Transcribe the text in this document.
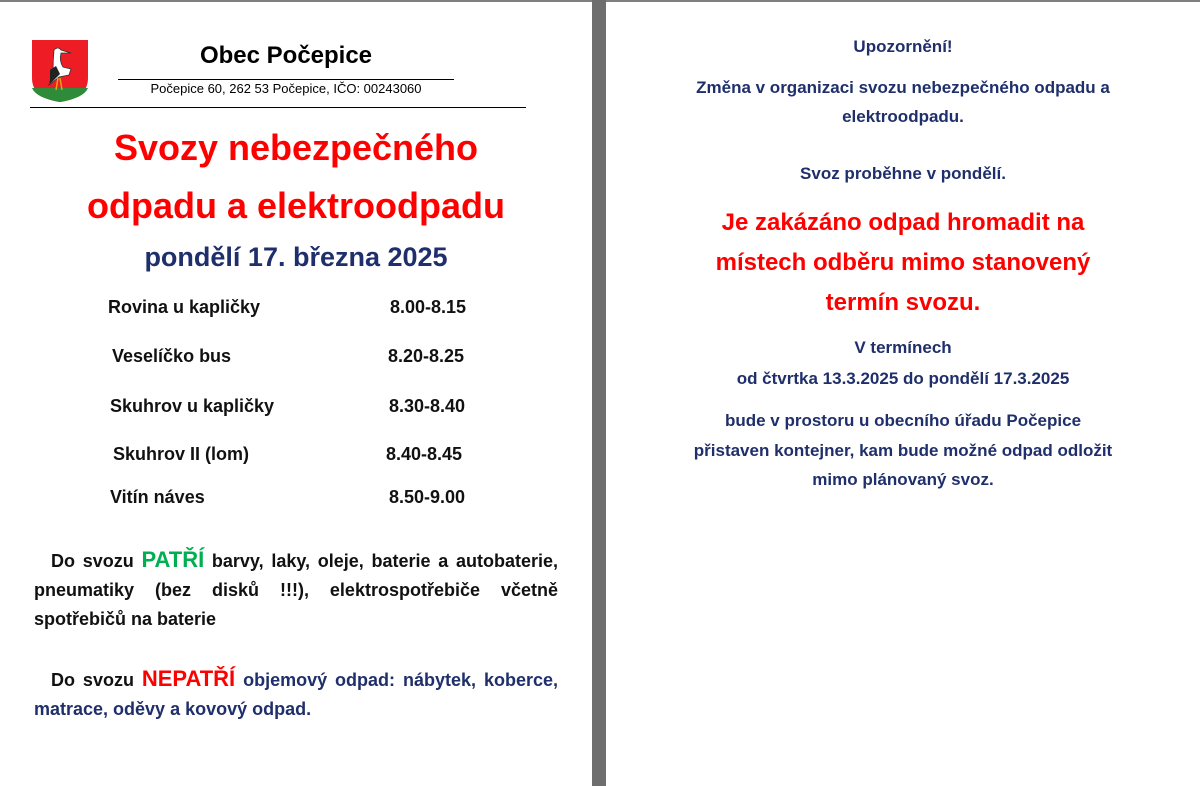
Obec Počepice
Počepice 60, 262 53 Počepice, IČO: 00243060
Svozy nebezpečného
odpadu a elektroodpadu
pondělí 17. března 2025
Rovina u kapličky	8.00-8.15
Veselíčko bus	8.20-8.25
Skuhrov u kapličky	8.30-8.40
Skuhrov II (lom)	8.40-8.45
Vitín náves	8.50-9.00
Do svozu PATŘÍ barvy, laky, oleje, baterie a autobaterie, pneumatiky (bez disků !!!), elektrospotřebiče včetně spotřebičů na baterie
Do svozu NEPATŘÍ objemový odpad: nábytek, koberce, matrace, oděvy a kovový odpad.
Upozornění!
Změna v organizaci svozu nebezpečného odpadu a
elektroodpadu.
Svoz proběhne v pondělí.
Je zakázáno odpad hromadit na
místech odběru mimo stanovený
termín svozu.
V termínech
od čtvrtka 13.3.2025 do pondělí 17.3.2025
bude v prostoru u obecního úřadu Počepice
přistaven kontejner, kam bude možné odpad odložit
mimo plánovaný svoz.
